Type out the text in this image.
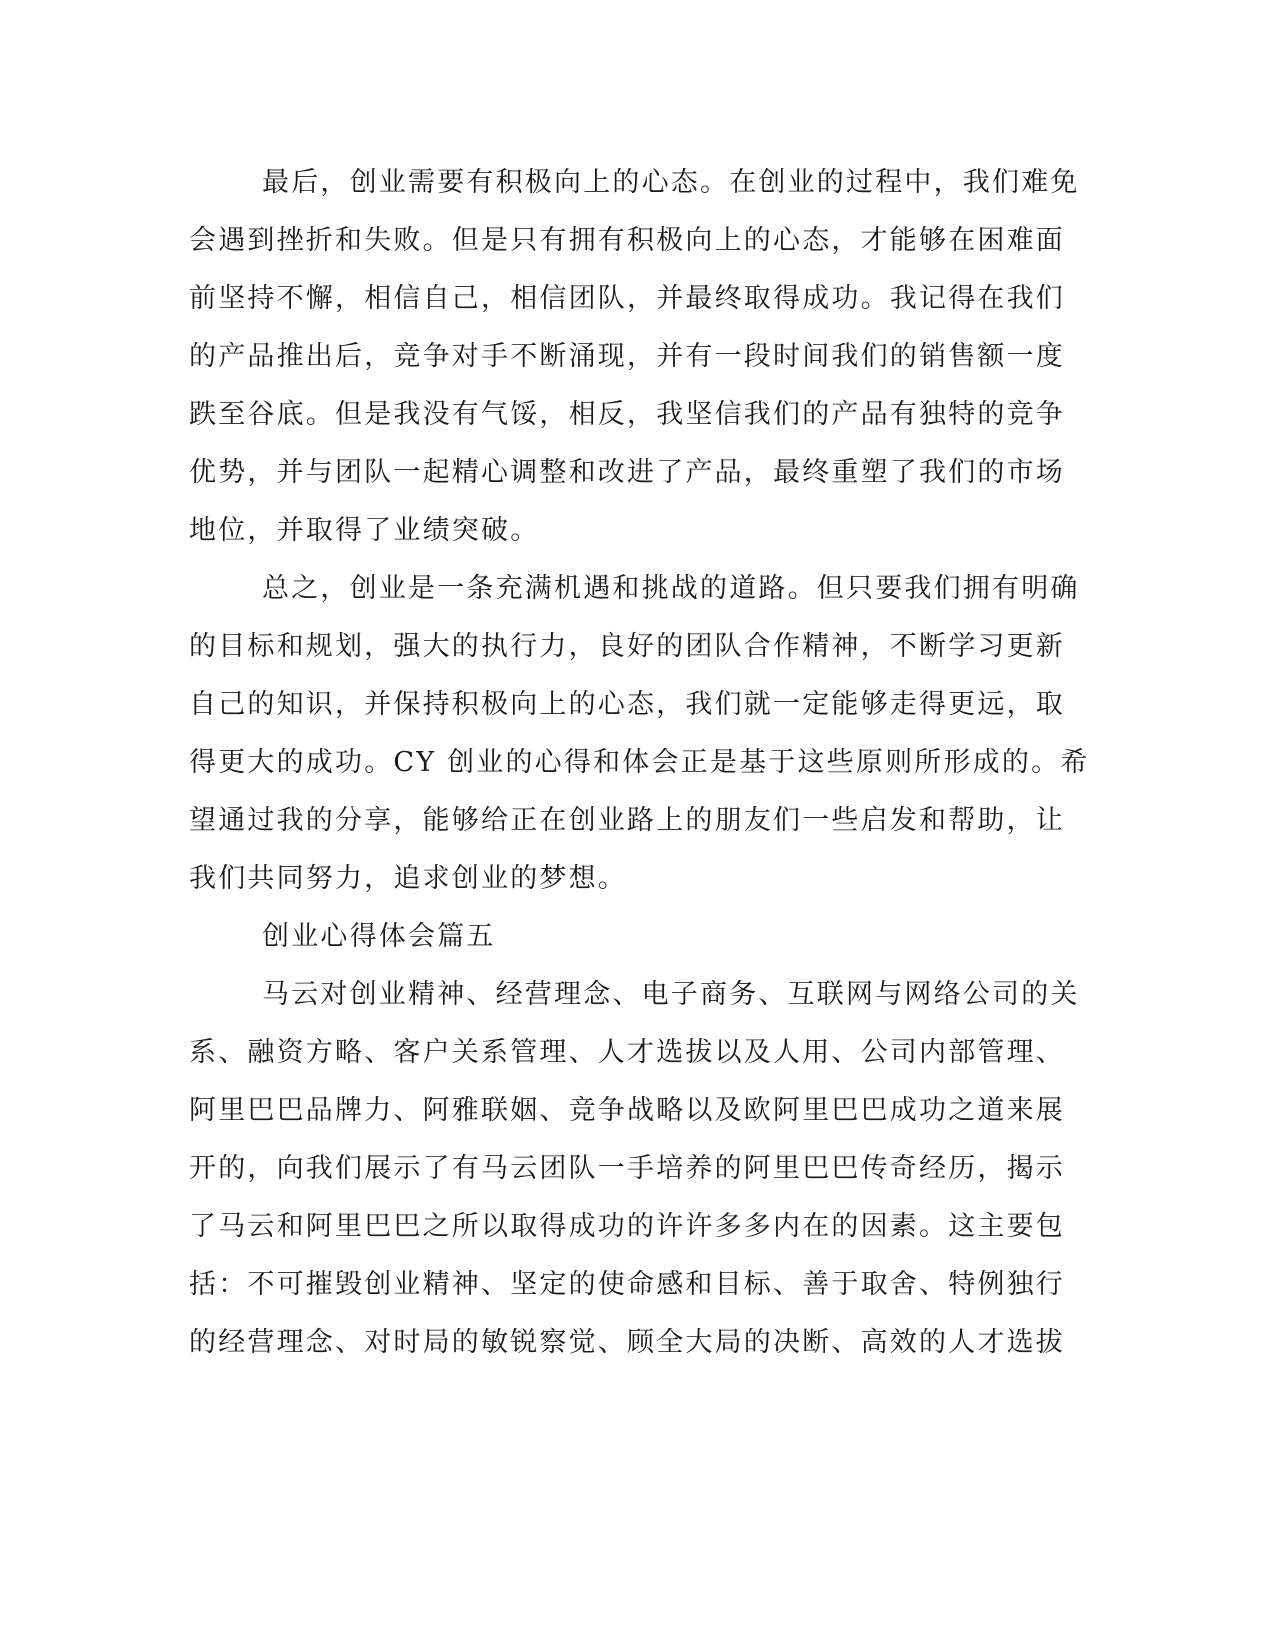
最后，创业需要有积极向上的心态。在创业的过程中，我们难免
会遇到挫折和失败。但是只有拥有积极向上的心态，才能够在困难面
前坚持不懈，相信自己，相信团队，并最终取得成功。我记得在我们
的产品推出后，竞争对手不断涌现，并有一段时间我们的销售额一度
跌至谷底。但是我没有气馁，相反，我坚信我们的产品有独特的竞争
优势，并与团队一起精心调整和改进了产品，最终重塑了我们的市场
地位，并取得了业绩突破。
总之，创业是一条充满机遇和挑战的道路。但只要我们拥有明确
的目标和规划，强大的执行力，良好的团队合作精神，不断学习更新
自己的知识，并保持积极向上的心态，我们就一定能够走得更远，取
得更大的成功。CY 创业的心得和体会正是基于这些原则所形成的。希
望通过我的分享，能够给正在创业路上的朋友们一些启发和帮助，让
我们共同努力，追求创业的梦想。
创业心得体会篇五
马云对创业精神、经营理念、电子商务、互联网与网络公司的关
系、融资方略、客户关系管理、人才选拔以及人用、公司内部管理、
阿里巴巴品牌力、阿雅联姻、竞争战略以及欧阿里巴巴成功之道来展
开的，向我们展示了有马云团队一手培养的阿里巴巴传奇经历，揭示
了马云和阿里巴巴之所以取得成功的许许多多内在的因素。这主要包
括：不可摧毁创业精神、坚定的使命感和目标、善于取舍、特例独行
的经营理念、对时局的敏锐察觉、顾全大局的决断、高效的人才选拔
